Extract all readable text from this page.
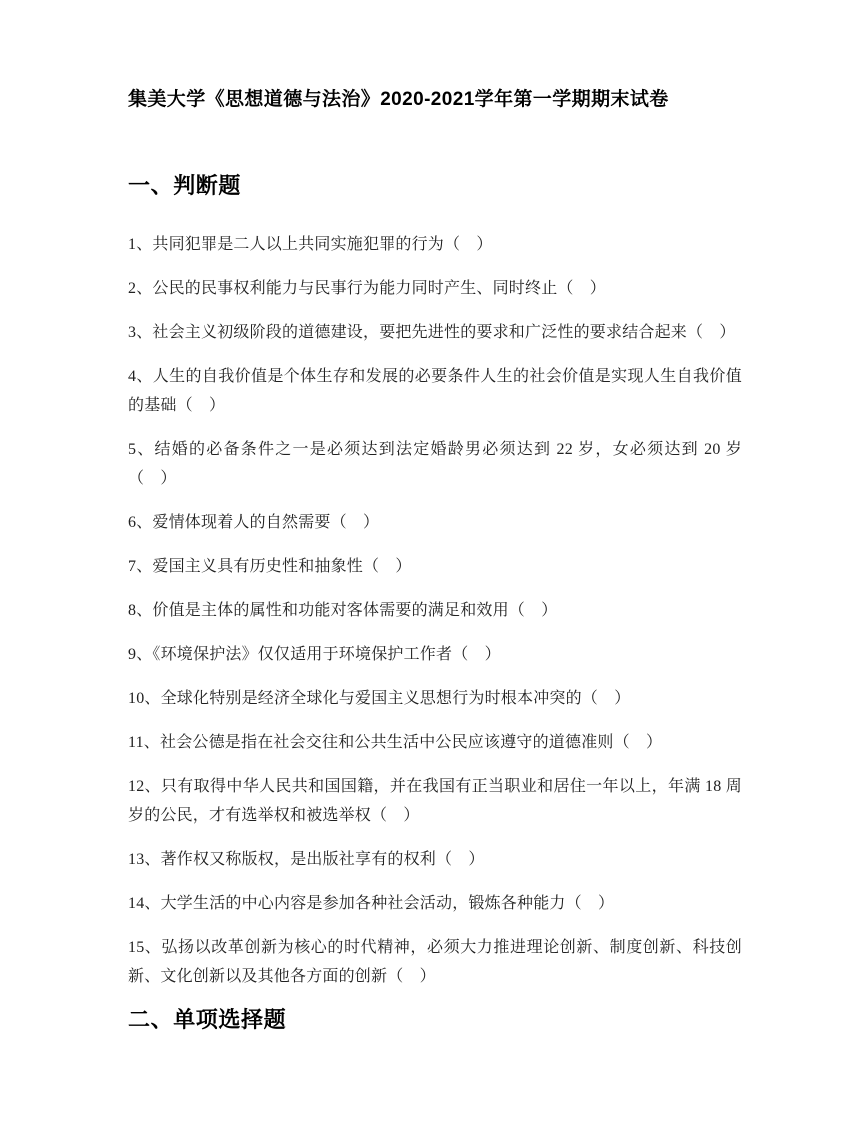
集美大学《思想道德与法治》2020-2021学年第一学期期末试卷
一、判断题

1、共同犯罪是二人以上共同实施犯罪的行为（　）

2、公民的民事权利能力与民事行为能力同时产生、同时终止（　）

3、社会主义初级阶段的道德建设，要把先进性的要求和广泛性的要求结合起来（　）

4、人生的自我价值是个体生存和发展的必要条件人生的社会价值是实现人生自我价值的基础（　）

5、结婚的必备条件之一是必须达到法定婚龄男必须达到 22 岁，女必须达到 20 岁（　）

6、爱情体现着人的自然需要（　）

7、爱国主义具有历史性和抽象性（　）

8、价值是主体的属性和功能对客体需要的满足和效用（　）

9、《环境保护法》仅仅适用于环境保护工作者（　）

10、全球化特别是经济全球化与爱国主义思想行为时根本冲突的（　）

11、社会公德是指在社会交往和公共生活中公民应该遵守的道德准则（　）

12、只有取得中华人民共和国国籍，并在我国有正当职业和居住一年以上，年满 18 周岁的公民，才有选举权和被选举权（　）

13、著作权又称版权，是出版社享有的权利（　）

14、大学生活的中心内容是参加各种社会活动，锻炼各种能力（　）

15、弘扬以改革创新为核心的时代精神，必须大力推进理论创新、制度创新、科技创新、文化创新以及其他各方面的创新（　）

二、单项选择题
